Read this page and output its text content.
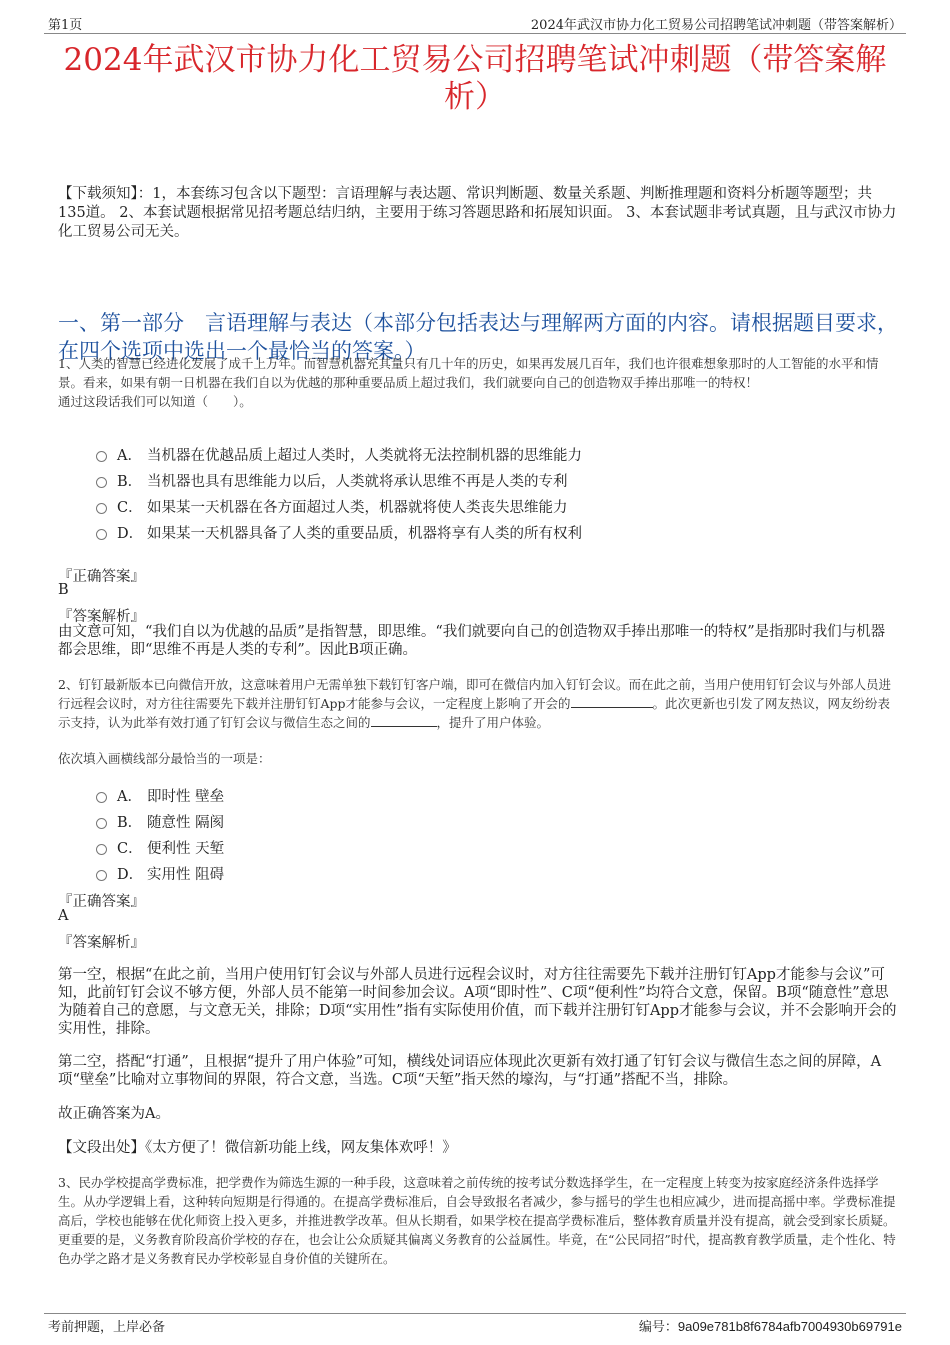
第1页	2024年武汉市协力化工贸易公司招聘笔试冲刺题（带答案解析）
2024年武汉市协力化工贸易公司招聘笔试冲刺题（带答案解析）
【下载须知】：1，本套练习包含以下题型：言语理解与表达题、常识判断题、数量关系题、判断推理题和资料分析题等题型；共135道。 2、本套试题根据常见招考题总结归纳，主要用于练习答题思路和拓展知识面。 3、本套试题非考试真题，且与武汉市协力化工贸易公司无关。
一、第一部分　言语理解与表达（本部分包括表达与理解两方面的内容。请根据题目要求，在四个选项中选出一个最恰当的答案。）
1、人类的智慧已经进化发展了成千上万年。而智慧机器充其量只有几十年的历史，如果再发展几百年，我们也许很难想象那时的人工智能的水平和情景。看来，如果有朝一日机器在我们自以为优越的那种重要品质上超过我们，我们就要向自己的创造物双手捧出那唯一的特权！
通过这段话我们可以知道（　　）。
A． 当机器在优越品质上超过人类时，人类就将无法控制机器的思维能力
B． 当机器也具有思维能力以后，人类就将承认思维不再是人类的专利
C． 如果某一天机器在各方面超过人类，机器就将使人类丧失思维能力
D． 如果某一天机器具备了人类的重要品质，机器将享有人类的所有权利
『正确答案』
B
『答案解析』
由文意可知，“我们自以为优越的品质”是指智慧，即思维。“我们就要向自己的创造物双手捧出那唯一的特权”是指那时我们与机器都会思维，即“思维不再是人类的专利”。因此B项正确。
2、钉钉最新版本已向微信开放，这意味着用户无需单独下载钉钉客户端，即可在微信内加入钉钉会议。而在此之前，当用户使用钉钉会议与外部人员进行远程会议时，对方往往需要先下载并注册钉钉App才能参与会议，一定程度上影响了开会的	。此次更新也引发了网友热议，网友纷纷表示支持，认为此举有效打通了钉钉会议与微信生态之间的	，提升了用户体验。
依次填入画横线部分最恰当的一项是：
A． 即时性 壁垒
B． 随意性 隔阂
C． 便利性 天堑
D． 实用性 阻碍
『正确答案』
A
『答案解析』
第一空，根据“在此之前，当用户使用钉钉会议与外部人员进行远程会议时，对方往往需要先下载并注册钉钉App才能参与会议”可知，此前钉钉会议不够方便，外部人员不能第一时间参加会议。A项“即时性”、C项“便利性”均符合文意，保留。B项“随意性”意思为随着自己的意愿，与文意无关，排除；D项“实用性”指有实际使用价值，而下载并注册钉钉App才能参与会议，并不会影响开会的实用性，排除。
第二空，搭配“打通”，且根据“提升了用户体验”可知，横线处词语应体现此次更新有效打通了钉钉会议与微信生态之间的屏障，A项“壁垒”比喻对立事物间的界限，符合文意，当选。C项“天堑”指天然的壕沟，与“打通”搭配不当，排除。
故正确答案为A。
【文段出处】《太方便了！微信新功能上线，网友集体欢呼！》
3、民办学校提高学费标准，把学费作为筛选生源的一种手段，这意味着之前传统的按考试分数选择学生，在一定程度上转变为按家庭经济条件选择学生。从办学逻辑上看，这种转向短期是行得通的。在提高学费标准后，自会导致报名者减少，参与摇号的学生也相应减少，进而提高摇中率。学费标准提高后，学校也能够在优化师资上投入更多，并推进教学改革。但从长期看，如果学校在提高学费标准后，整体教育质量并没有提高，就会受到家长质疑。更重要的是，义务教育阶段高价学校的存在，也会让公众质疑其偏离义务教育的公益属性。毕竟，在“公民同招”时代，提高教育教学质量，走个性化、特色办学之路才是义务教育民办学校彰显自身价值的关键所在。
考前押题，上岸必备	编号：9a09e781b8f6784afb7004930b69791e
